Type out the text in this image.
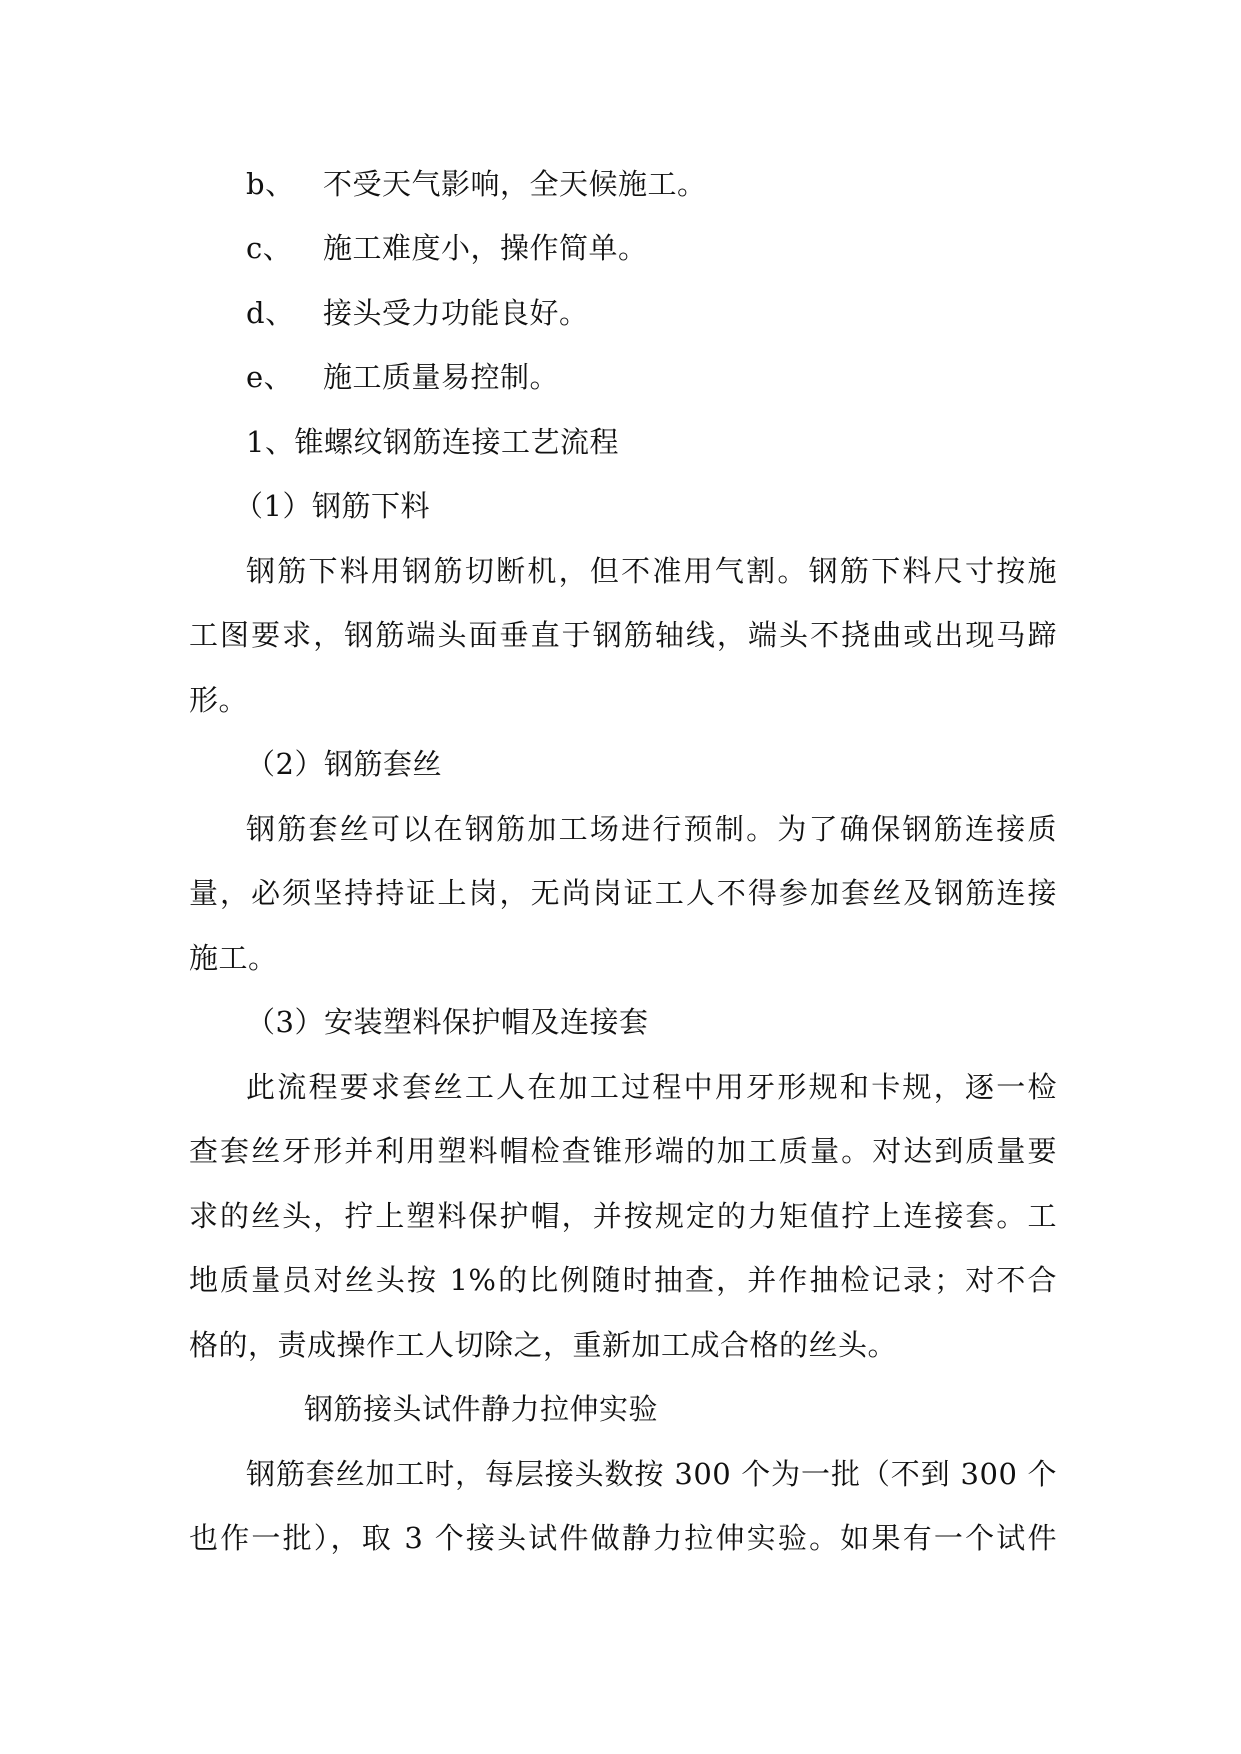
b、 不受天气影响，全天候施工。
c、 施工难度小，操作简单。
d、 接头受力功能良好。
e、 施工质量易控制。
1、锥螺纹钢筋连接工艺流程
（1）钢筋下料
钢筋下料用钢筋切断机，但不准用气割。钢筋下料尺寸按施
工图要求，钢筋端头面垂直于钢筋轴线，端头不挠曲或出现马蹄
形。
（2）钢筋套丝
钢筋套丝可以在钢筋加工场进行预制。为了确保钢筋连接质
量，必须坚持持证上岗，无尚岗证工人不得参加套丝及钢筋连接
施工。
（3）安装塑料保护帽及连接套
此流程要求套丝工人在加工过程中用牙形规和卡规，逐一检
查套丝牙形并利用塑料帽检查锥形端的加工质量。对达到质量要
求的丝头，拧上塑料保护帽，并按规定的力矩值拧上连接套。工
地质量员对丝头按 1%的比例随时抽查，并作抽检记录；对不合
格的，责成操作工人切除之，重新加工成合格的丝头。
钢筋接头试件静力拉伸实验
钢筋套丝加工时，每层接头数按 300 个为一批（不到 300 个
也作一批），取 3 个接头试件做静力拉伸实验。如果有一个试件
